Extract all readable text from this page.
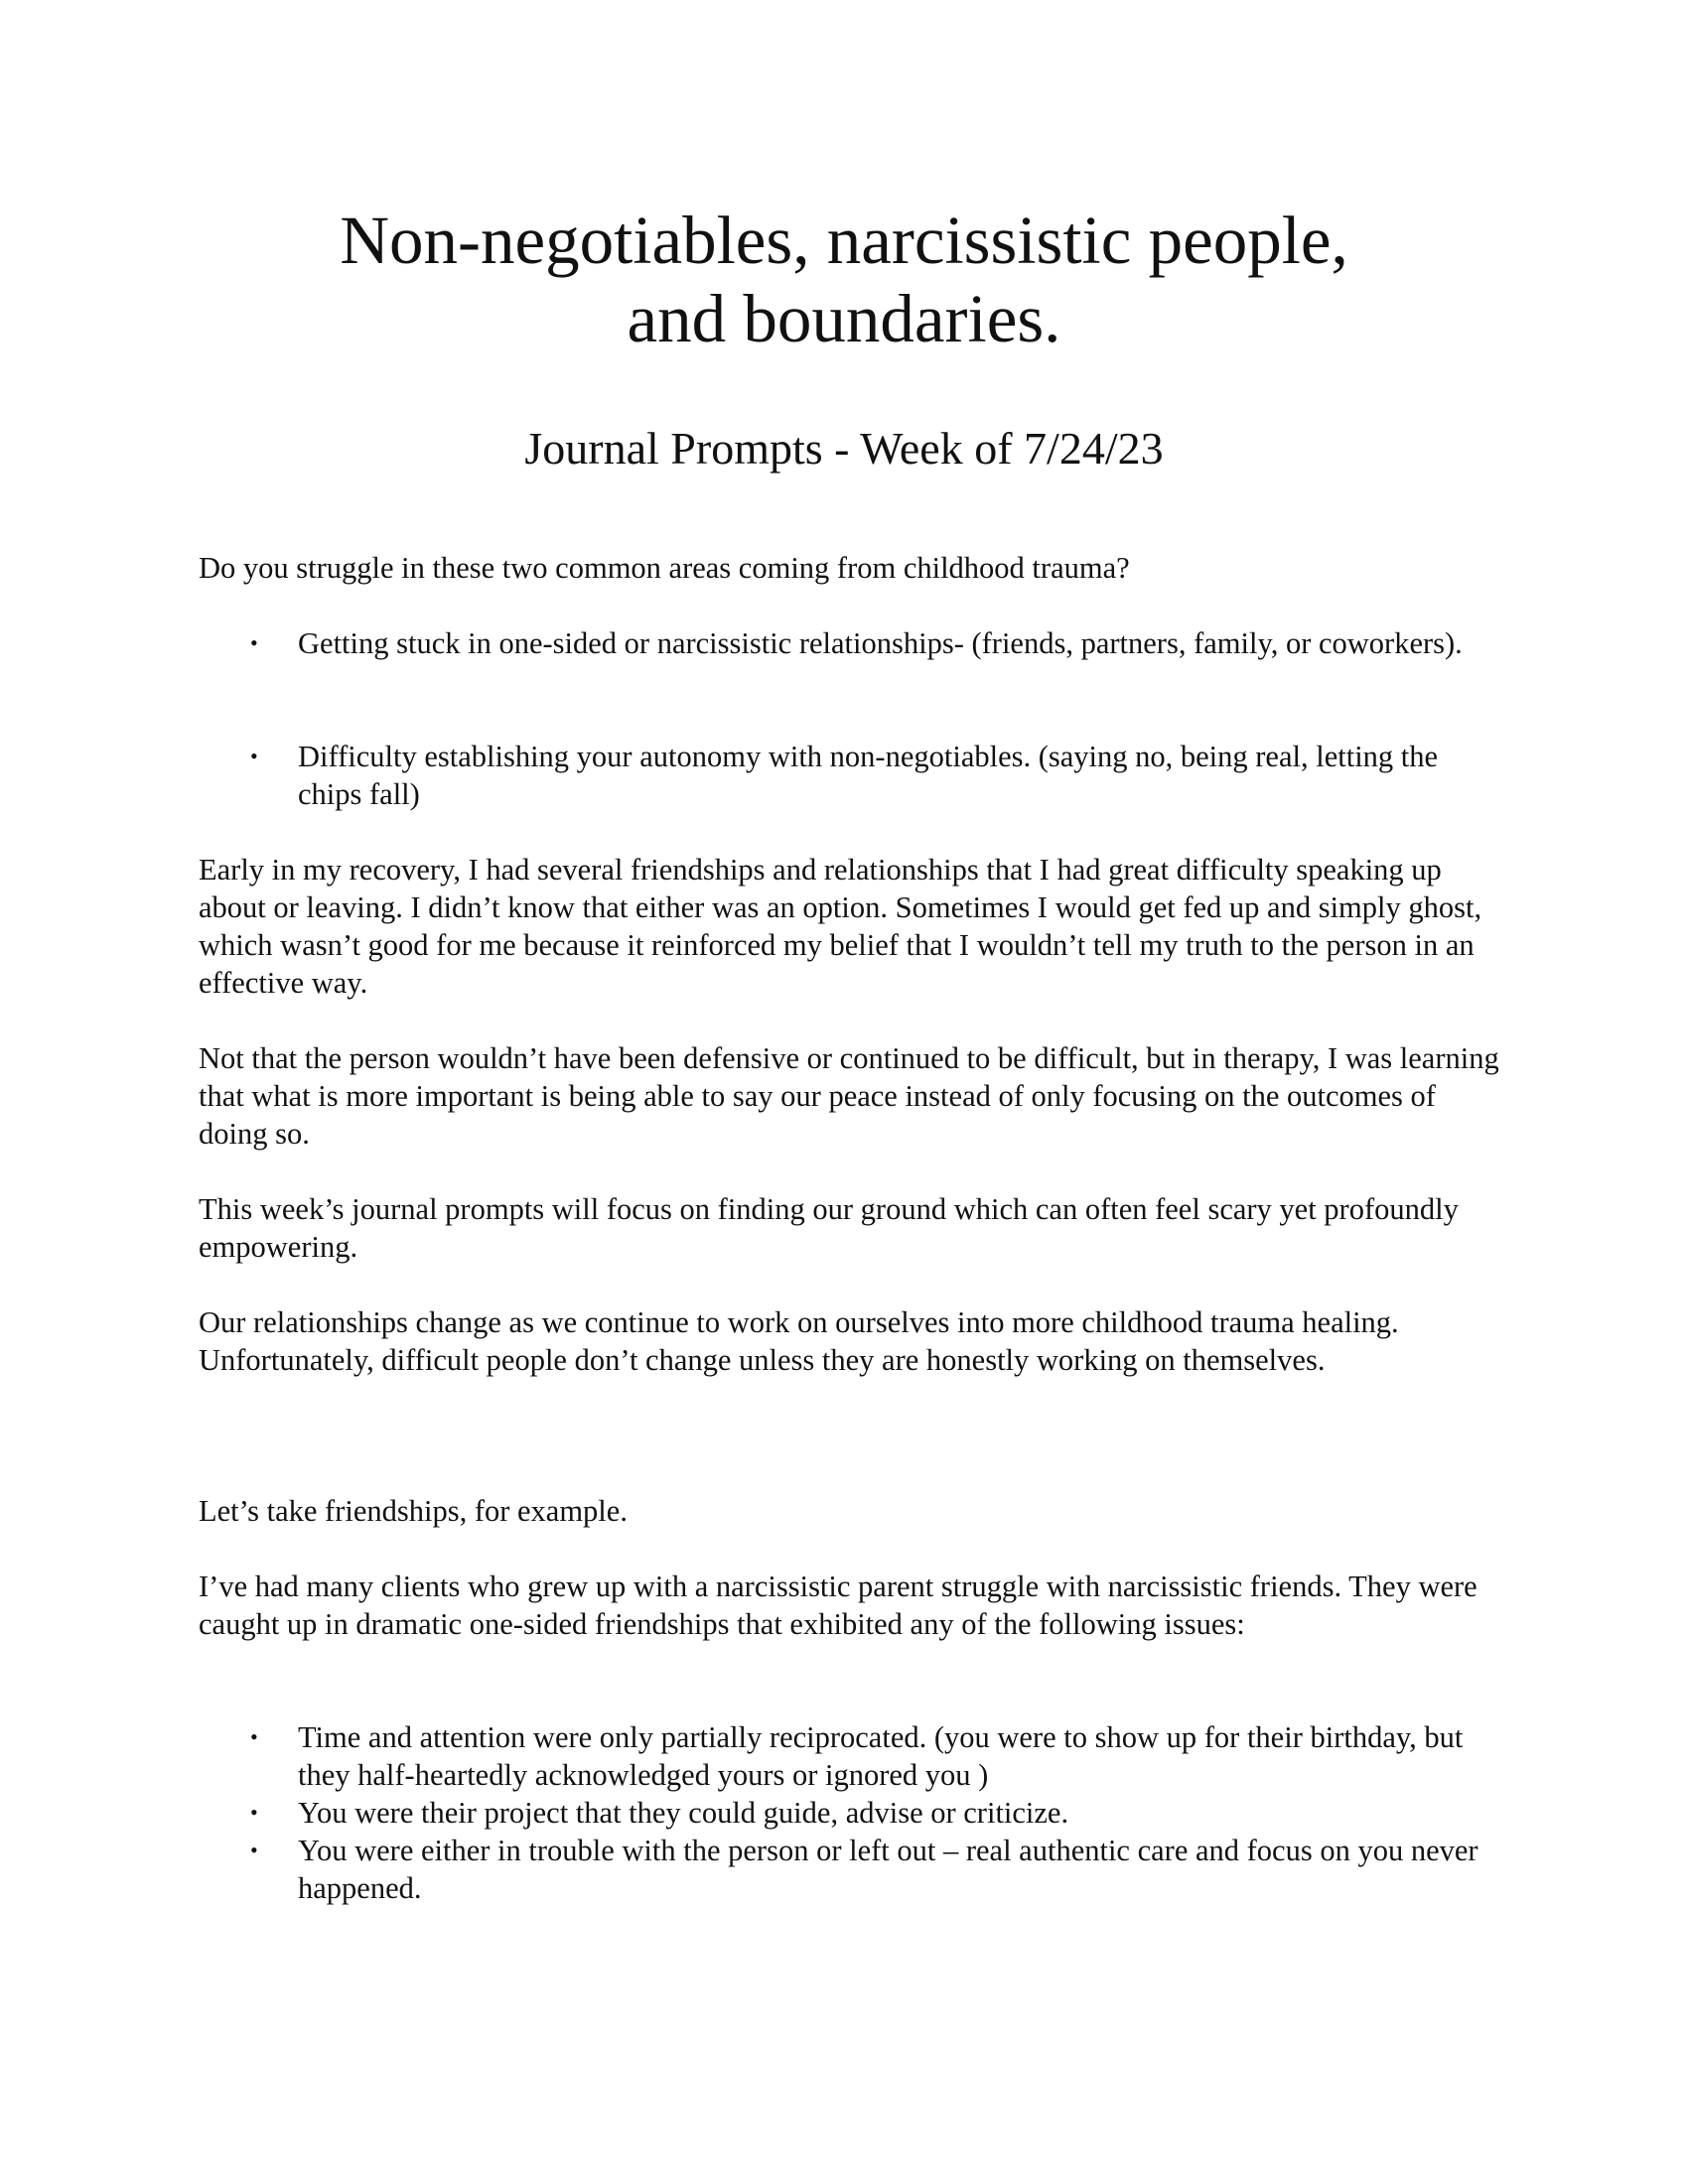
Non-negotiables, narcissistic people,
and boundaries.
Journal Prompts - Week of 7/24/23

Do you struggle in these two common areas coming from childhood trauma?

• Getting stuck in one-sided or narcissistic relationships- (friends, partners, family, or coworkers).
• Difficulty establishing your autonomy with non-negotiables. (saying no, being real, letting the chips fall)

Early in my recovery, I had several friendships and relationships that I had great difficulty speaking up about or leaving. I didn’t know that either was an option. Sometimes I would get fed up and simply ghost, which wasn’t good for me because it reinforced my belief that I wouldn’t tell my truth to the person in an effective way.

Not that the person wouldn’t have been defensive or continued to be difficult, but in therapy, I was learning that what is more important is being able to say our peace instead of only focusing on the outcomes of doing so.

This week’s journal prompts will focus on finding our ground which can often feel scary yet profoundly empowering.

Our relationships change as we continue to work on ourselves into more childhood trauma healing. Unfortunately, difficult people don’t change unless they are honestly working on themselves.

Let’s take friendships, for example.

I’ve had many clients who grew up with a narcissistic parent struggle with narcissistic friends. They were caught up in dramatic one-sided friendships that exhibited any of the following issues:

• Time and attention were only partially reciprocated. (you were to show up for their birthday, but they half-heartedly acknowledged yours or ignored you )
• You were their project that they could guide, advise or criticize.
• You were either in trouble with the person or left out – real authentic care and focus on you never happened.
